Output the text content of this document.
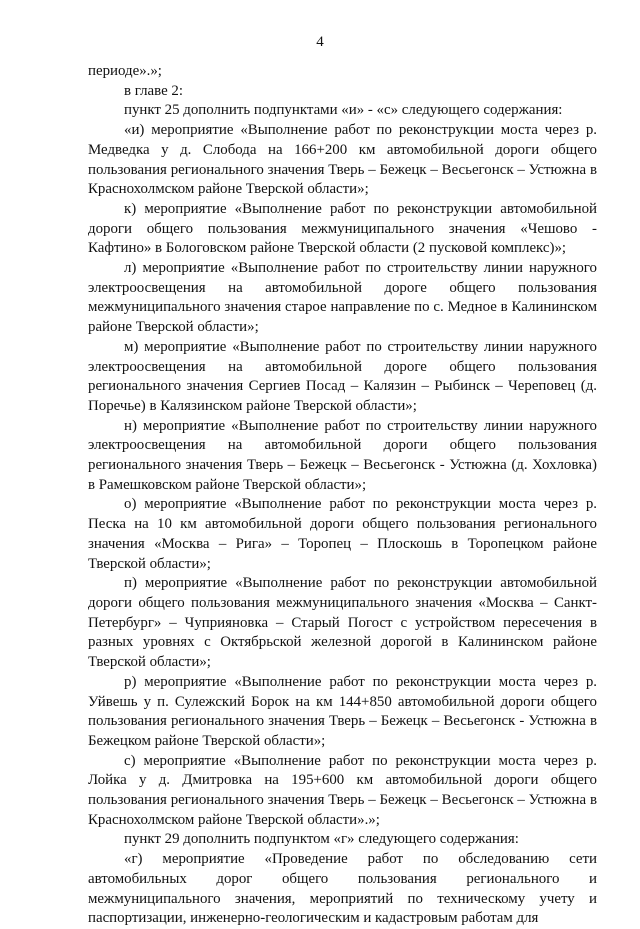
4

периоде».»;

в главе 2:

пункт 25 дополнить подпунктами «и» - «с» следующего содержания:

«и) мероприятие «Выполнение работ по реконструкции моста через р. Медведка у д. Слобода на 166+200 км автомобильной дороги общего пользования регионального значения Тверь – Бежецк – Весьегонск – Устюжна в Краснохолмском районе Тверской области»;

к) мероприятие «Выполнение работ по реконструкции автомобильной дороги общего пользования межмуниципального значения «Чешово - Кафтино» в Бологовском районе Тверской области (2 пусковой комплекс)»;

л) мероприятие «Выполнение работ по строительству линии наружного электроосвещения на автомобильной дороге общего пользования межмуниципального значения старое направление по с. Медное в Калининском районе Тверской области»;

м) мероприятие «Выполнение работ по строительству линии наружного электроосвещения на автомобильной дороге общего пользования регионального значения Сергиев Посад – Калязин – Рыбинск – Череповец (д. Поречье) в Калязинском районе Тверской области»;

н) мероприятие «Выполнение работ по строительству линии наружного электроосвещения на автомобильной дороги общего пользования регионального значения Тверь – Бежецк – Весьегонск - Устюжна (д. Хохловка) в Рамешковском районе Тверской области»;

о) мероприятие «Выполнение работ по реконструкции моста через р. Песка на 10 км автомобильной дороги общего пользования регионального значения «Москва – Рига» – Торопец – Плоскошь в Торопецком районе Тверской области»;

п) мероприятие «Выполнение работ по реконструкции автомобильной дороги общего пользования межмуниципального значения «Москва – Санкт-Петербург» – Чуприяновка – Старый Погост с устройством пересечения в разных уровнях с Октябрьской железной дорогой в Калининском районе Тверской области»;

р) мероприятие «Выполнение работ по реконструкции моста через р. Уйвешь у п. Сулежский Борок на км 144+850 автомобильной дороги общего пользования регионального значения Тверь – Бежецк – Весьегонск - Устюжна в Бежецком районе Тверской области»;

с) мероприятие «Выполнение работ по реконструкции моста через р. Лойка у д. Дмитровка на 195+600 км автомобильной дороги общего пользования регионального значения Тверь – Бежецк – Весьегонск – Устюжна в Краснохолмском районе Тверской области».»;

пункт 29 дополнить подпунктом «г» следующего содержания:

«г) мероприятие «Проведение работ по обследованию сети автомобильных дорог общего пользования регионального и межмуниципального значения, мероприятий по техническому учету и паспортизации, инженерно-геологическим и кадастровым работам для
